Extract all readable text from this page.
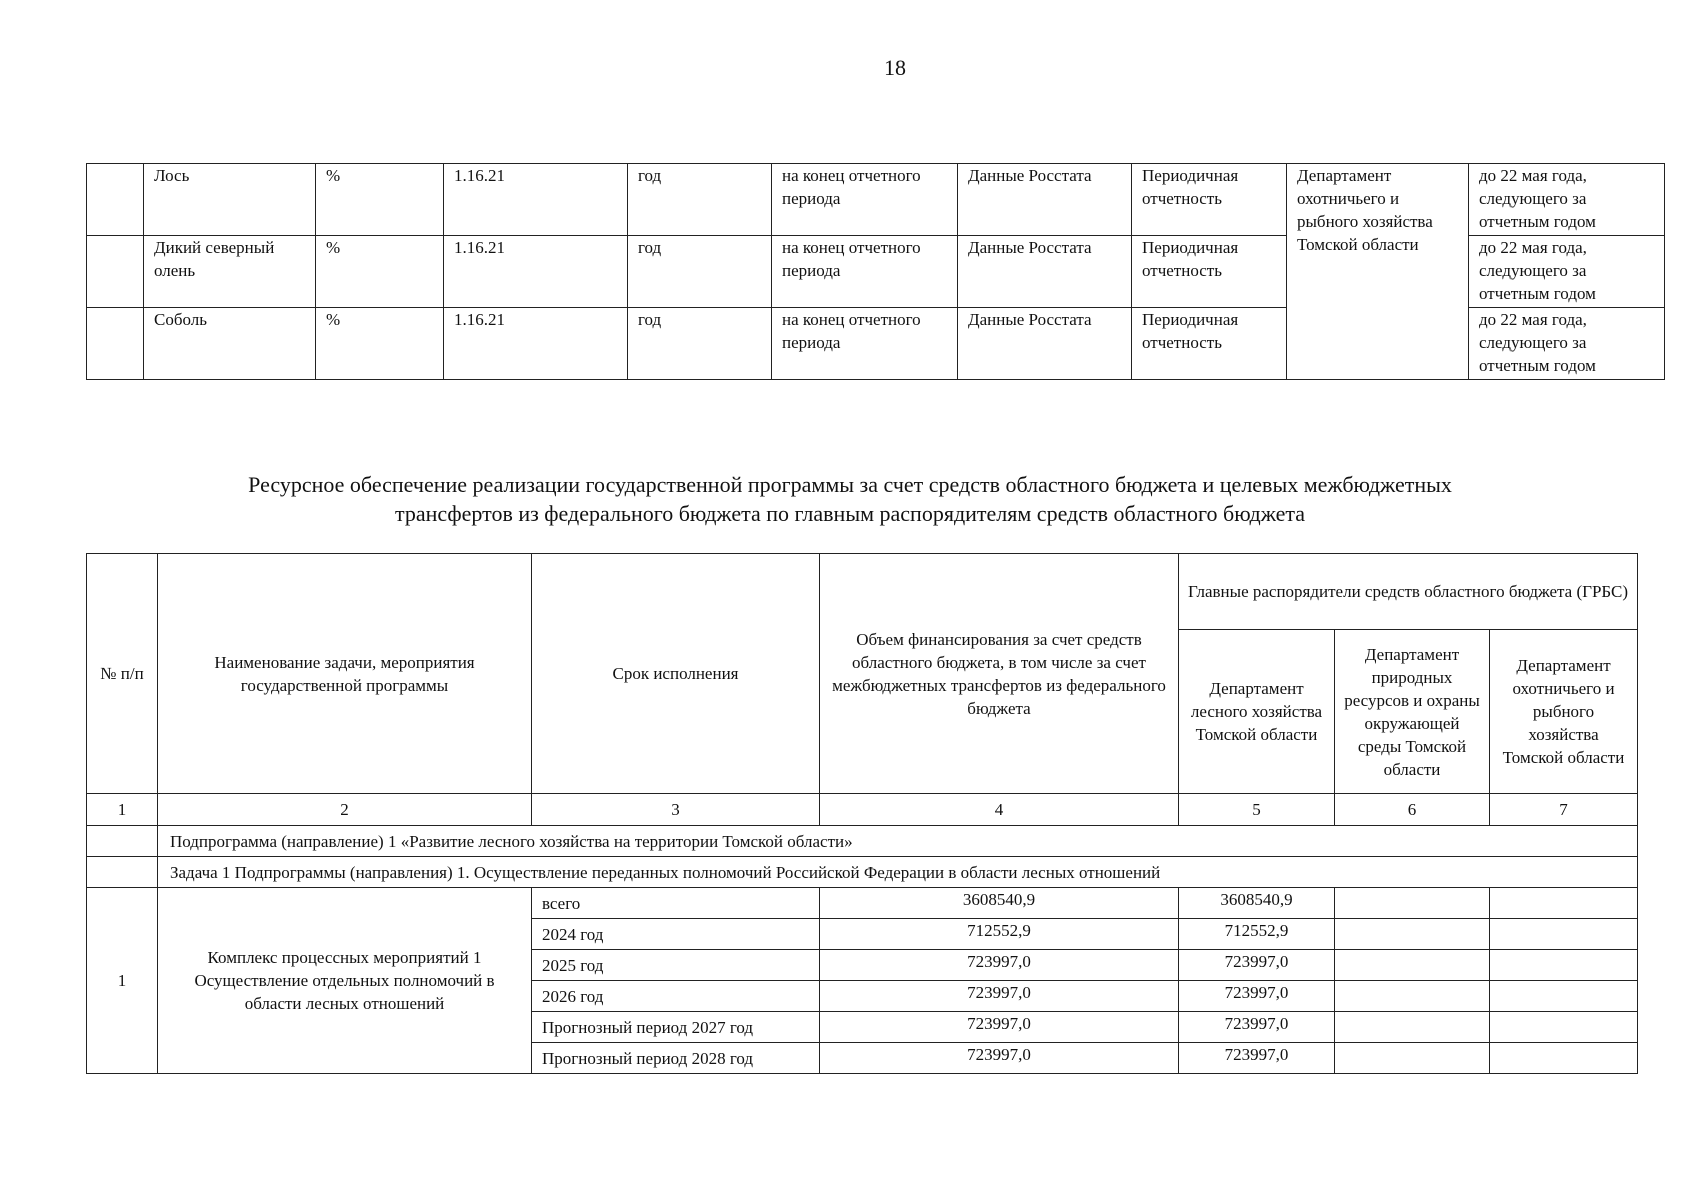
18
	Лось	%	1.16.21	год	на конец отчетного периода	Данные Росстата	Периодичная отчетность	Департамент охотничьего и рыбного хозяйства Томской области	до 22 мая года, следующего за отчетным годом
	Дикий северный олень	%	1.16.21	год	на конец отчетного периода	Данные Росстата	Периодичная отчетность		до 22 мая года, следующего за отчетным годом
	Соболь	%	1.16.21	год	на конец отчетного периода	Данные Росстата	Периодичная отчетность		до 22 мая года, следующего за отчетным годом
Ресурсное обеспечение реализации государственной программы за счет средств областного бюджета и целевых межбюджетных
трансфертов из федерального бюджета по главным распорядителям средств областного бюджета
№ п/п	Наименование задачи, мероприятия государственной программы	Срок исполнения	Объем финансирования за счет средств областного бюджета, в том числе за счет межбюджетных трансфертов из федерального бюджета	Главные распорядители средств областного бюджета (ГРБС)		
				Департамент лесного хозяйства Томской области	Департамент природных ресурсов и охраны окружающей среды Томской области	Департамент охотничьего и рыбного хозяйства Томской области
1	2	3	4	5	6	7
	Подпрограмма (направление) 1 «Развитие лесного хозяйства на территории Томской области»					
	Задача 1 Подпрограммы (направления) 1. Осуществление переданных полномочий Российской Федерации в области лесных отношений					
1	Комплекс процессных мероприятий 1 Осуществление отдельных полномочий в области лесных отношений	всего	3608540,9	3608540,9		
		2024 год	712552,9	712552,9		
		2025 год	723997,0	723997,0		
		2026 год	723997,0	723997,0		
		Прогнозный период 2027 год	723997,0	723997,0		
		Прогнозный период 2028 год	723997,0	723997,0		
